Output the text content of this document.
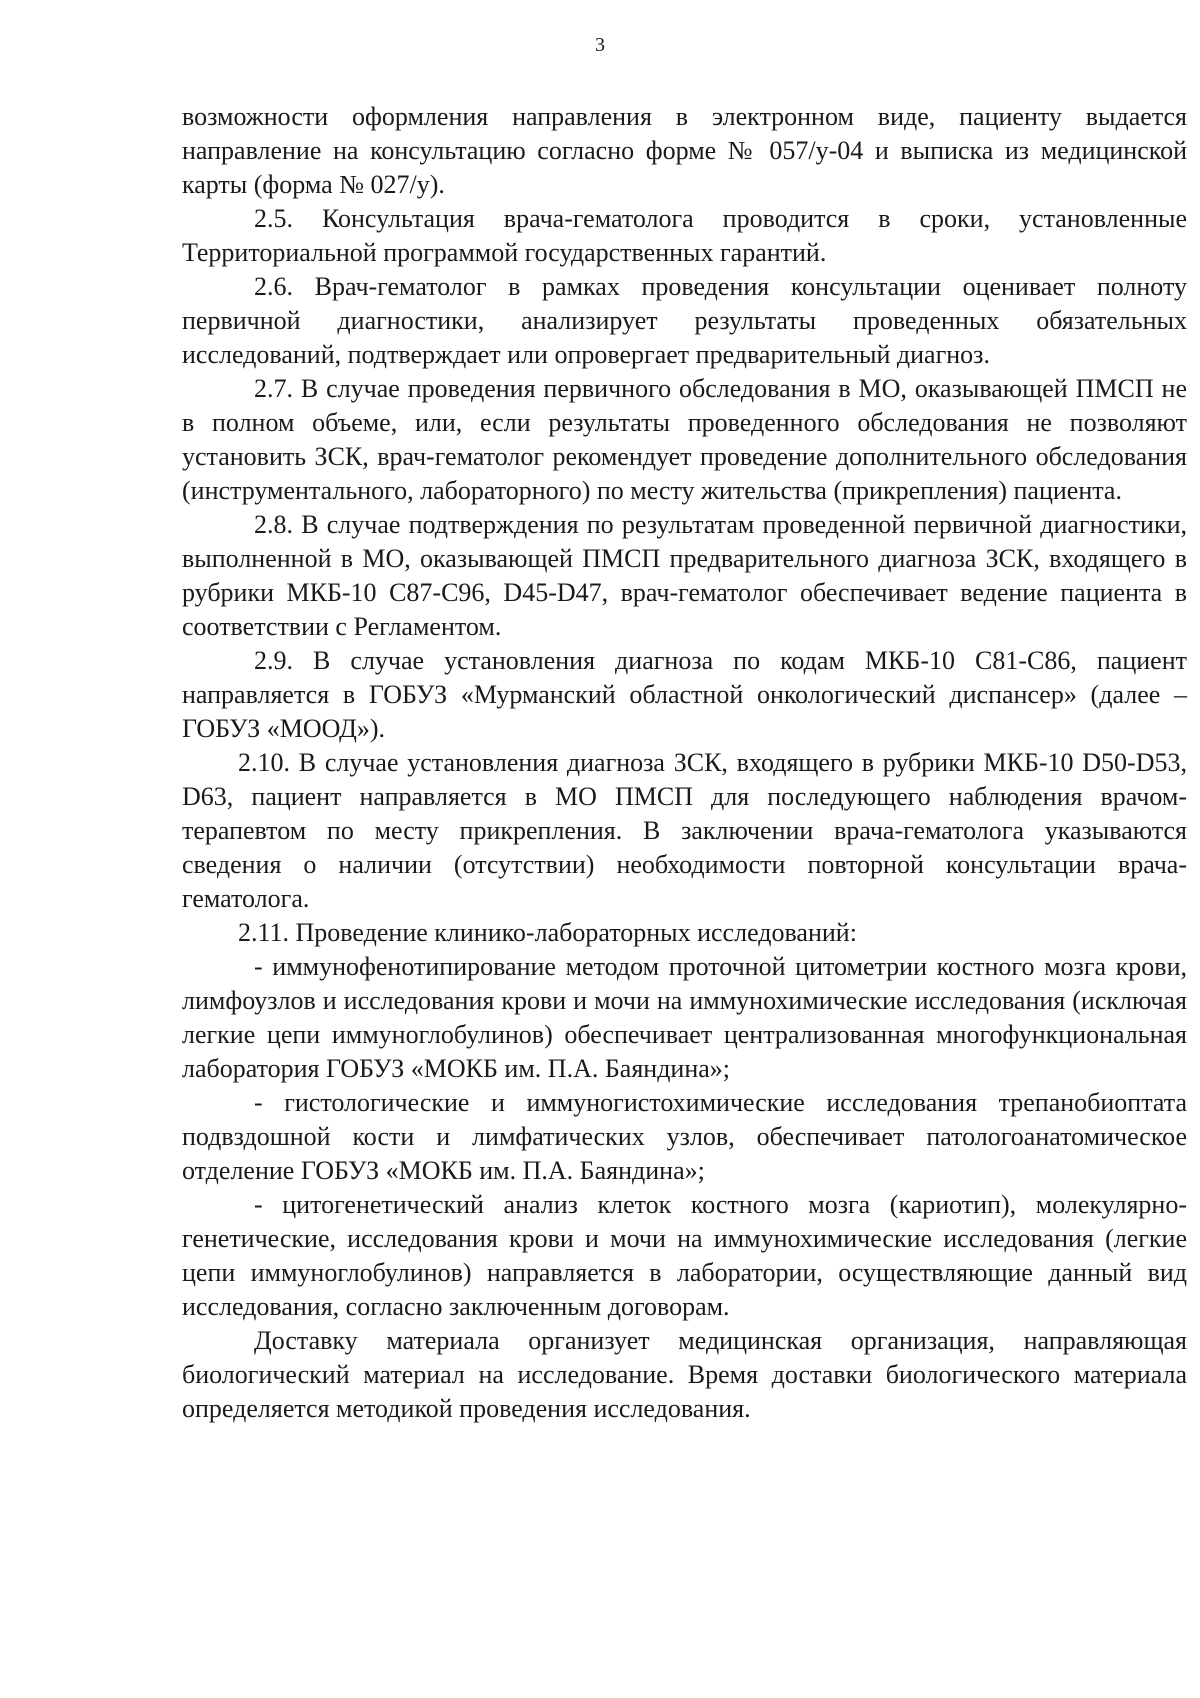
3

возможности оформления направления в электронном виде, пациенту выдается направление на консультацию согласно форме № 057/у-04 и выписка из медицинской карты (форма № 027/у).

2.5. Консультация врача-гематолога проводится в сроки, установленные Территориальной программой государственных гарантий.

2.6. Врач-гематолог в рамках проведения консультации оценивает полноту первичной диагностики, анализирует результаты проведенных обязательных исследований, подтверждает или опровергает предварительный диагноз.

2.7. В случае проведения первичного обследования в МО, оказывающей ПМСП не в полном объеме, или, если результаты проведенного обследования не позволяют установить ЗСК, врач-гематолог рекомендует проведение дополнительного обследования (инструментального, лабораторного) по месту жительства (прикрепления) пациента.

2.8. В случае подтверждения по результатам проведенной первичной диагностики, выполненной в МО, оказывающей ПМСП предварительного диагноза ЗСК, входящего в рубрики МКБ-10 С87-С96, D45-D47, врач-гематолог обеспечивает ведение пациента в соответствии с Регламентом.

2.9. В случае установления диагноза по кодам МКБ-10 С81-С86, пациент направляется в ГОБУЗ «Мурманский областной онкологический диспансер» (далее – ГОБУЗ «МООД»).

2.10. В случае установления диагноза ЗСК, входящего в рубрики МКБ-10 D50-D53, D63, пациент направляется в МО ПМСП для последующего наблюдения врачом-терапевтом по месту прикрепления. В заключении врача-гематолога указываются сведения о наличии (отсутствии) необходимости повторной консультации врача-гематолога.

2.11. Проведение клинико-лабораторных исследований:

- иммунофенотипирование методом проточной цитометрии костного мозга крови, лимфоузлов и исследования крови и мочи на иммунохимические исследования (исключая легкие цепи иммуноглобулинов) обеспечивает централизованная многофункциональная лаборатория ГОБУЗ «МОКБ им. П.А. Баяндина»;

- гистологические и иммуногистохимические исследования трепанобиоптата подвздошной кости и лимфатических узлов, обеспечивает патологоанатомическое отделение ГОБУЗ «МОКБ им. П.А. Баяндина»;

- цитогенетический анализ клеток костного мозга (кариотип), молекулярно-генетические, исследования крови и мочи на иммунохимические исследования (легкие цепи иммуноглобулинов) направляется в лаборатории, осуществляющие данный вид исследования, согласно заключенным договорам.

Доставку материала организует медицинская организация, направляющая биологический материал на исследование. Время доставки биологического материала определяется методикой проведения исследования.
